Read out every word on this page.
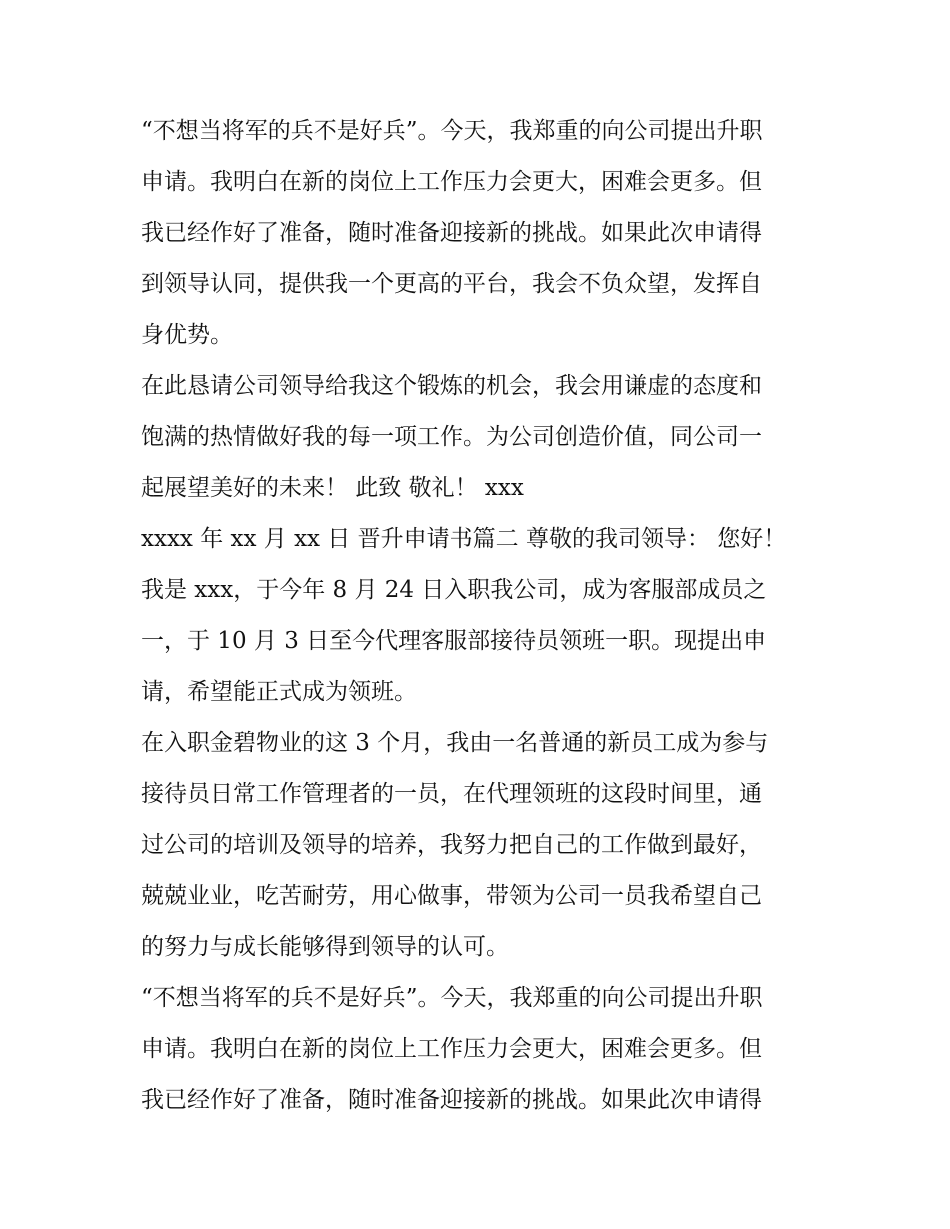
“不想当将军的兵不是好兵”。今天，我郑重的向公司提出升职
申请。我明白在新的岗位上工作压力会更大，困难会更多。但
我已经作好了准备，随时准备迎接新的挑战。如果此次申请得
到领导认同，提供我一个更高的平台，我会不负众望，发挥自
身优势。
在此恳请公司领导给我这个锻炼的机会，我会用谦虚的态度和
饱满的热情做好我的每一项工作。为公司创造价值，同公司一
起展望美好的未来！ 此致 敬礼！ xxx
xxxx 年 xx 月 xx 日 晋升申请书篇二 尊敬的我司领导： 您好！
我是 xxx，于今年 8 月 24 日入职我公司，成为客服部成员之
一，于 10 月 3 日至今代理客服部接待员领班一职。现提出申
请，希望能正式成为领班。
在入职金碧物业的这 3 个月，我由一名普通的新员工成为参与
接待员日常工作管理者的一员，在代理领班的这段时间里，通
过公司的培训及领导的培养，我努力把自己的工作做到最好，
兢兢业业，吃苦耐劳，用心做事，带领为公司一员我希望自己
的努力与成长能够得到领导的认可。
“不想当将军的兵不是好兵”。今天，我郑重的向公司提出升职
申请。我明白在新的岗位上工作压力会更大，困难会更多。但
我已经作好了准备，随时准备迎接新的挑战。如果此次申请得
